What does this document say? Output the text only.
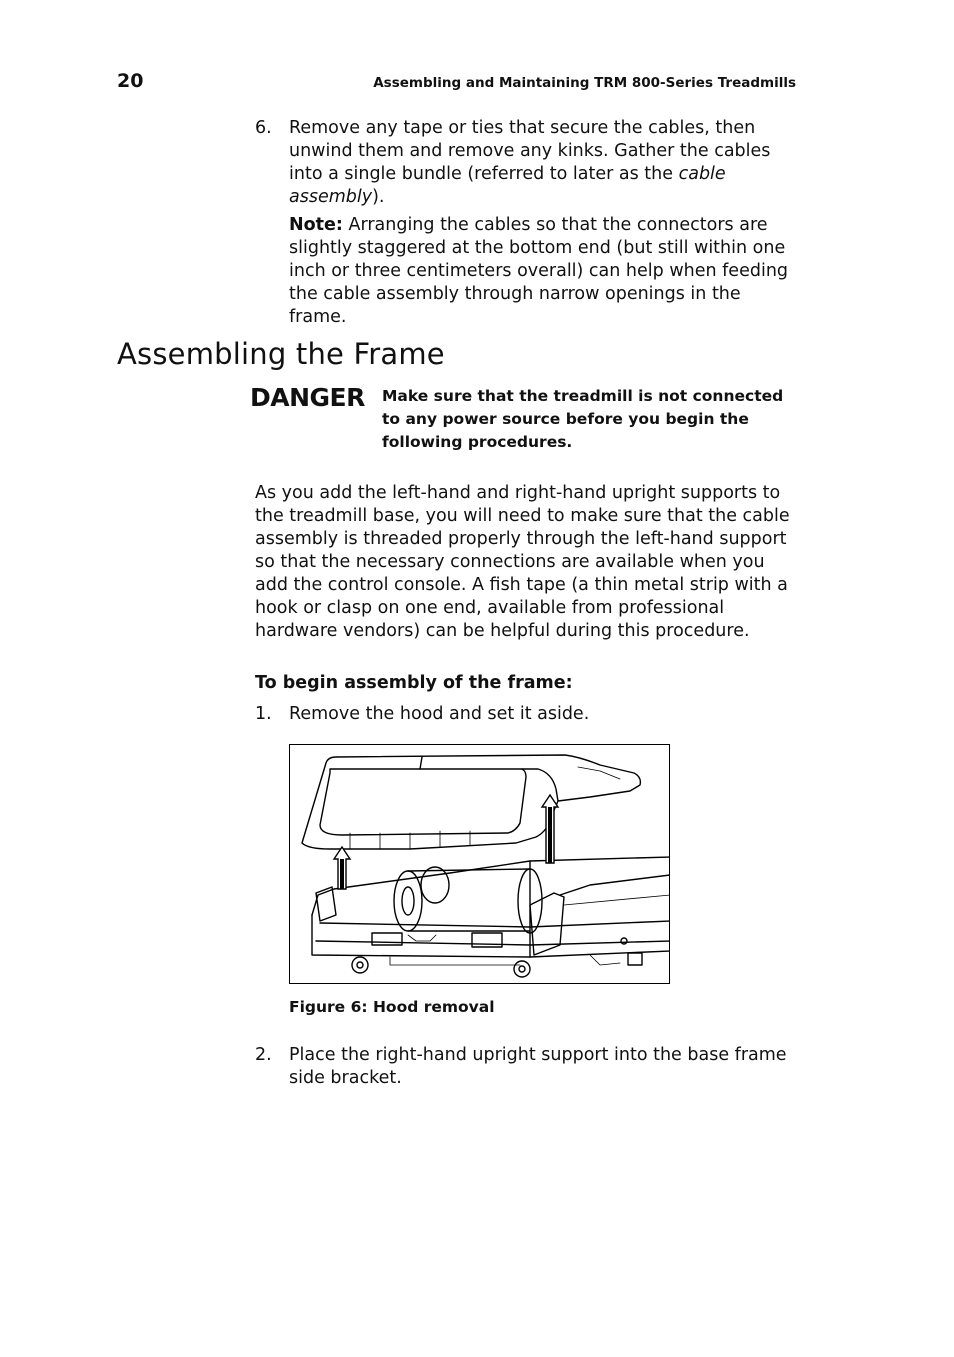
20	Assembling and Maintaining TRM 800-Series Treadmills
6. Remove any tape or ties that secure the cables, then unwind them and remove any kinks. Gather the cables into a single bundle (referred to later as the cable assembly).
Note: Arranging the cables so that the connectors are slightly staggered at the bottom end (but still within one inch or three centimeters overall) can help when feeding the cable assembly through narrow openings in the frame.
Assembling the Frame
DANGER Make sure that the treadmill is not connected to any power source before you begin the following procedures.
As you add the left-hand and right-hand upright supports to the treadmill base, you will need to make sure that the cable assembly is threaded properly through the left-hand support so that the necessary connections are available when you add the control console. A fish tape (a thin metal strip with a hook or clasp on one end, available from professional hardware vendors) can be helpful during this procedure.
To begin assembly of the frame:
1. Remove the hood and set it aside.
Figure 6: Hood removal
2. Place the right-hand upright support into the base frame side bracket.
